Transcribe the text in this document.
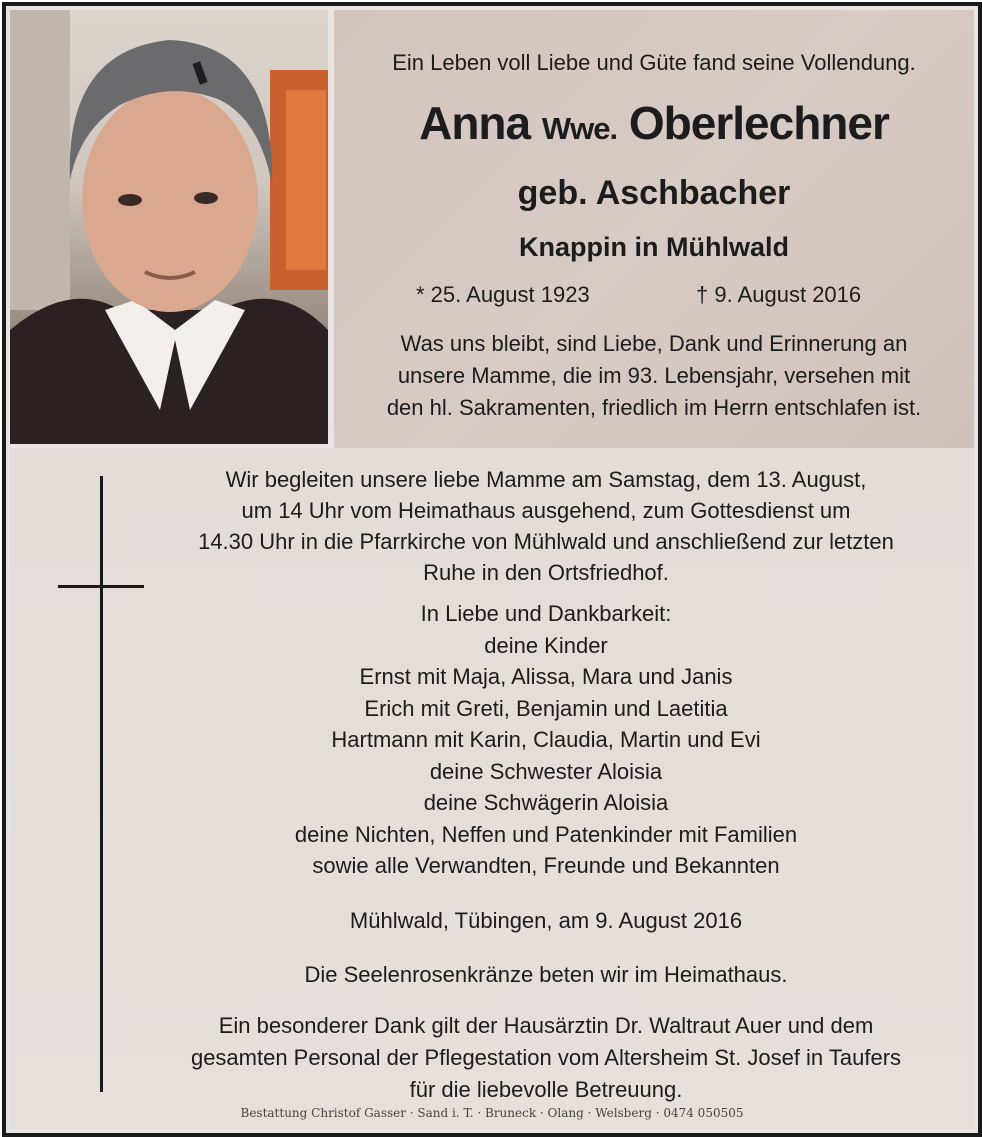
Ein Leben voll Liebe und Güte fand seine Vollendung.
Anna Wwe. Oberlechner
geb. Aschbacher
Knappin in Mühlwald
* 25. August 1923	† 9. August 2016
Was uns bleibt, sind Liebe, Dank und Erinnerung an
unsere Mamme, die im 93. Lebensjahr, versehen mit
den hl. Sakramenten, friedlich im Herrn entschlafen ist.
Wir begleiten unsere liebe Mamme am Samstag, dem 13. August,
um 14 Uhr vom Heimathaus ausgehend, zum Gottesdienst um
14.30 Uhr in die Pfarrkirche von Mühlwald und anschließend zur letzten
Ruhe in den Ortsfriedhof.
In Liebe und Dankbarkeit:
deine Kinder
Ernst mit Maja, Alissa, Mara und Janis
Erich mit Greti, Benjamin und Laetitia
Hartmann mit Karin, Claudia, Martin und Evi
deine Schwester Aloisia
deine Schwägerin Aloisia
deine Nichten, Neffen und Patenkinder mit Familien
sowie alle Verwandten, Freunde und Bekannten
Mühlwald, Tübingen, am 9. August 2016
Die Seelenrosenkränze beten wir im Heimathaus.
Ein besonderer Dank gilt der Hausärztin Dr. Waltraut Auer und dem
gesamten Personal der Pflegestation vom Altersheim St. Josef in Taufers
für die liebevolle Betreuung.
Bestattung Christof Gasser · Sand i. T. · Bruneck · Olang · Welsberg · 0474 050505
